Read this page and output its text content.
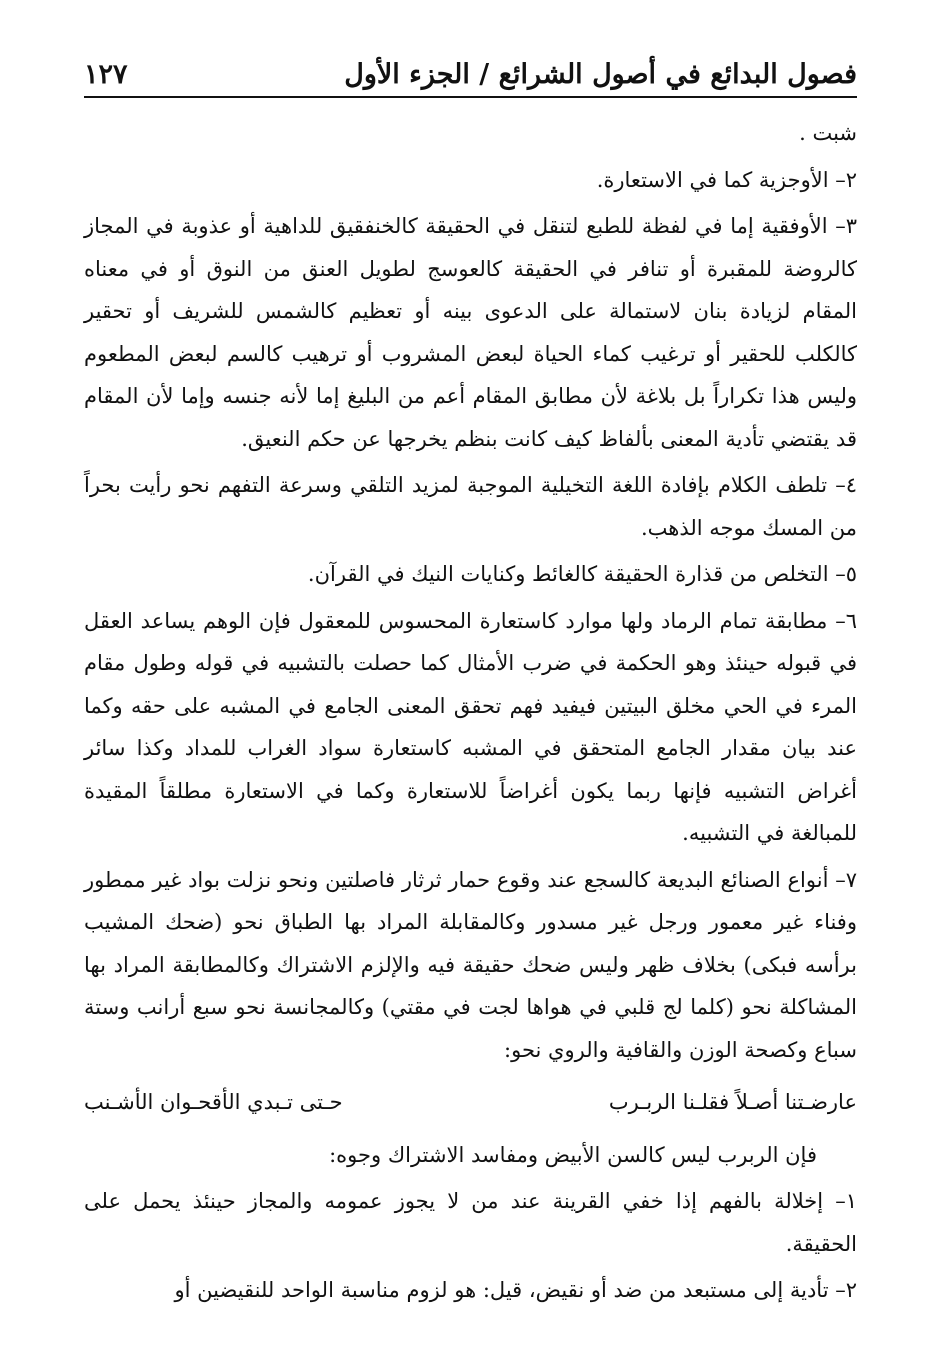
فصول البدائع في أصول الشرائع / الجزء الأول
١٢٧

شبت .

٢– الأوجزية كما في الاستعارة.

٣– الأوفقية إما في لفظة للطبع لتنقل في الحقيقة كالخنفقيق للداهية أو عذوبة في المجاز كالروضة للمقبرة أو تنافر في الحقيقة كالعوسج لطويل العنق من النوق أو في معناه المقام لزيادة بنان لاستمالة على الدعوى بينه أو تعظيم كالشمس للشريف أو تحقير كالكلب للحقير أو ترغيب كماء الحياة لبعض المشروب أو ترهيب كالسم لبعض المطعوم وليس هذا تكراراً بل بلاغة لأن مطابق المقام أعم من البليغ إما لأنه جنسه وإما لأن المقام قد يقتضي تأدية المعنى بألفاظ كيف كانت بنظم يخرجها عن حكم النعيق.

٤– تلطف الكلام بإفادة اللغة التخيلية الموجبة لمزيد التلقي وسرعة التفهم نحو رأيت بحراً من المسك موجه الذهب.

٥– التخلص من قذارة الحقيقة كالغائط وكنايات النيك في القرآن.

٦– مطابقة تمام الرماد ولها موارد كاستعارة المحسوس للمعقول فإن الوهم يساعد العقل في قبوله حينئذ وهو الحكمة في ضرب الأمثال كما حصلت بالتشبيه في قوله وطول مقام المرء في الحي مخلق البيتين فيفيد فهم تحقق المعنى الجامع في المشبه على حقه وكما عند بيان مقدار الجامع المتحقق في المشبه كاستعارة سواد الغراب للمداد وكذا سائر أغراض التشبيه فإنها ربما يكون أغراضاً للاستعارة وكما في الاستعارة مطلقاً المقيدة للمبالغة في التشبيه.

٧– أنواع الصنائع البديعة كالسجع عند وقوع حمار ثرثار فاصلتين ونحو نزلت بواد غير ممطور وفناء غير معمور ورجل غير مسدور وكالمقابلة المراد بها الطباق نحو (ضحك المشيب برأسه فبكى) بخلاف ظهر وليس ضحك حقيقة فيه والإلزم الاشتراك وكالمطابقة المراد بها المشاكلة نحو (كلما لج قلبي في هواها لجت في مقتي) وكالمجانسة نحو سبع أرانب وستة سباع وكصحة الوزن والقافية والروي نحو:

عارضـتنا أصـلاً فقلـنا الربـرب
حـتى تـبدي الأقحـوان الأشـنب

فإن الربرب ليس كالسن الأبيض ومفاسد الاشتراك وجوه:

١– إخلالة بالفهم إذا خفي القرينة عند من لا يجوز عمومه والمجاز حينئذ يحمل على الحقيقة.

٢– تأدية إلى مستبعد من ضد أو نقيض، قيل: هو لزوم مناسبة الواحد للنقيضين أو
